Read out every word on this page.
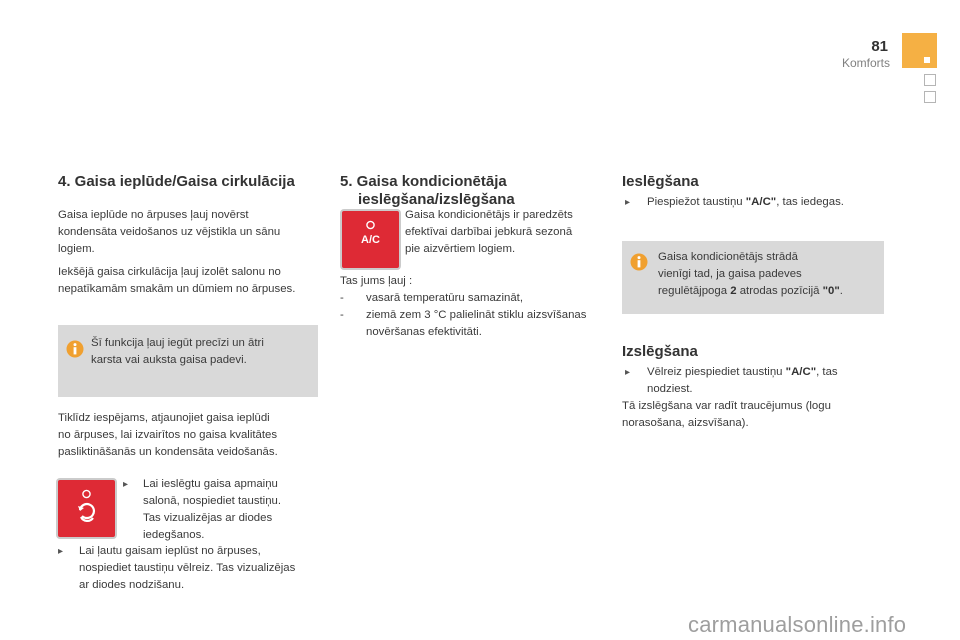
81
Komforts
4. Gaisa ieplūde/Gaisa cirkulācija

Gaisa ieplūde no ārpuses ļauj novērst

kondensāta veidošanos uz vējstikla un sānu

logiem.

Iekšējā gaisa cirkulācija ļauj izolēt salonu no

nepatīkamām smakām un dūmiem no ārpuses.

Šī funkcija ļauj iegūt precīzi un ātri

karsta vai auksta gaisa padevi.

Tiklīdz iespējams, atjaunojiet gaisa ieplūdi

no ārpuses, lai izvairītos no gaisa kvalitātes

pasliktināšanās un kondensāta veidošanās.

▸ Lai ieslēgtu gaisa apmaiņu

salonā, nospiediet taustiņu.

Tas vizualizējas ar diodes

iedegšanos.

▸ Lai ļautu gaisam ieplūst no ārpuses,

nospiediet taustiņu vēlreiz. Tas vizualizējas

ar diodes nodzišanu.

5. Gaisa kondicionētāja
ieslēgšana/izslēgšana
A/C

Gaisa kondicionētājs ir paredzēts

efektīvai darbībai jebkurā sezonā

pie aizvērtiem logiem.

Tas jums ļauj :

- vasarā temperatūru samazināt,

- ziemā zem 3 °C palielināt stiklu aizsvīšanas

novēršanas efektivitāti.

Ieslēgšana
▸ Piespiežot taustiņu "A/C", tas iedegas.

Gaisa kondicionētājs strādā

vienīgi tad, ja gaisa padeves

regulētājpoga 2 atrodas pozīcijā "0".

Izslēgšana
▸ Vēlreiz piespiediet taustiņu "A/C", tas

nodziest.

Tā izslēgšana var radīt traucējumus (logu

norasošana, aizsvīšana).

carmanualsonline.info
